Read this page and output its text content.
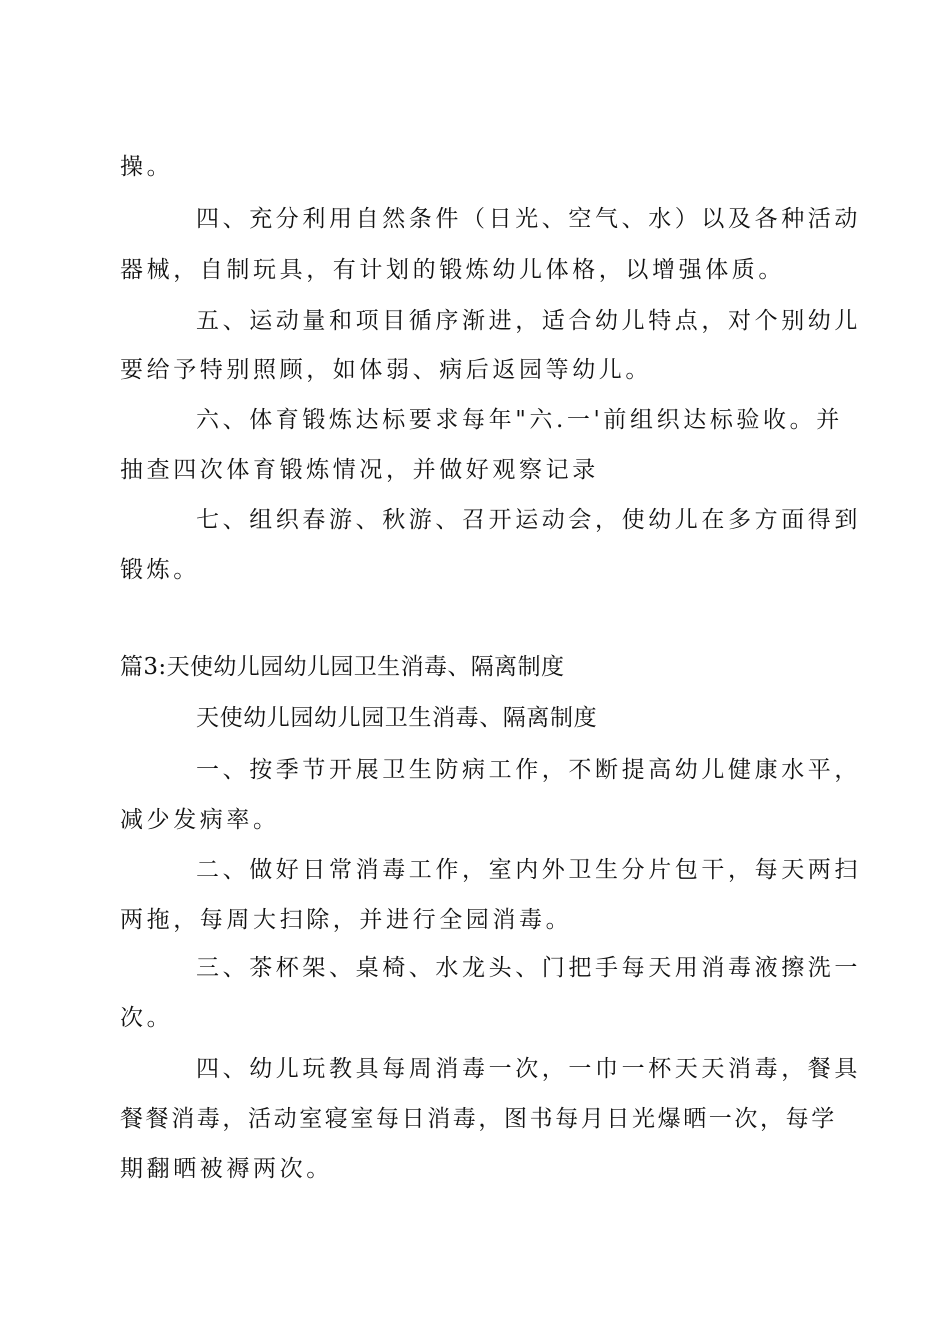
操。
四、充分利用自然条件（日光、空气、水）以及各种活动
器械，自制玩具，有计划的锻炼幼儿体格，以增强体质。
五、运动量和项目循序渐进，适合幼儿特点，对个别幼儿
要给予特别照顾，如体弱、病后返园等幼儿。
六、体育锻炼达标要求每年"六.一'前组织达标验收。并
抽查四次体育锻炼情况，并做好观察记录
七、组织春游、秋游、召开运动会，使幼儿在多方面得到
锻炼。
篇3:天使幼儿园幼儿园卫生消毒、隔离制度
天使幼儿园幼儿园卫生消毒、隔离制度
一、按季节开展卫生防病工作，不断提高幼儿健康水平，
减少发病率。
二、做好日常消毒工作，室内外卫生分片包干，每天两扫
两拖，每周大扫除，并进行全园消毒。
三、茶杯架、桌椅、水龙头、门把手每天用消毒液擦洗一
次。
四、幼儿玩教具每周消毒一次，一巾一杯天天消毒，餐具
餐餐消毒，活动室寝室每日消毒，图书每月日光爆晒一次，每学
期翻晒被褥两次。
